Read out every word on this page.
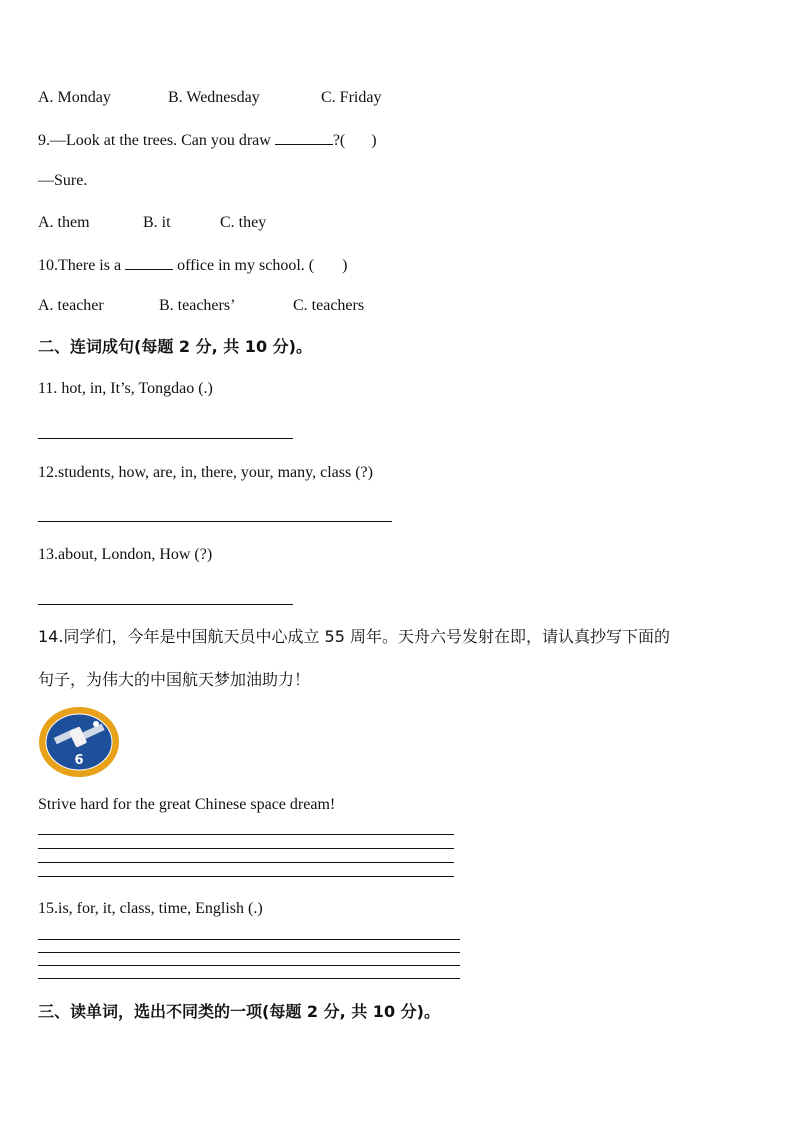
A. Monday	B. Wednesday	C. Friday
9.—Look at the trees. Can you draw	?( )
—Sure.
A. them	B. it	C. they
10.There is a	office in my school. ( )
A. teacher	B. teachers’	C. teachers
二、连词成句(每题 2 分, 共 10 分)。
11. hot, in, It’s, Tongdao (.)
12.students, how, are, in, there, your, many, class (?)
13.about, London, How (?)
14.同学们，今年是中国航天员中心成立 55 周年。天舟六号发射在即，请认真抄写下面的
句子，为伟大的中国航天梦加油助力！
6
Strive hard for the great Chinese space dream!
15.is, for, it, class, time, English (.)
三、读单词，选出不同类的一项(每题 2 分, 共 10 分)。
